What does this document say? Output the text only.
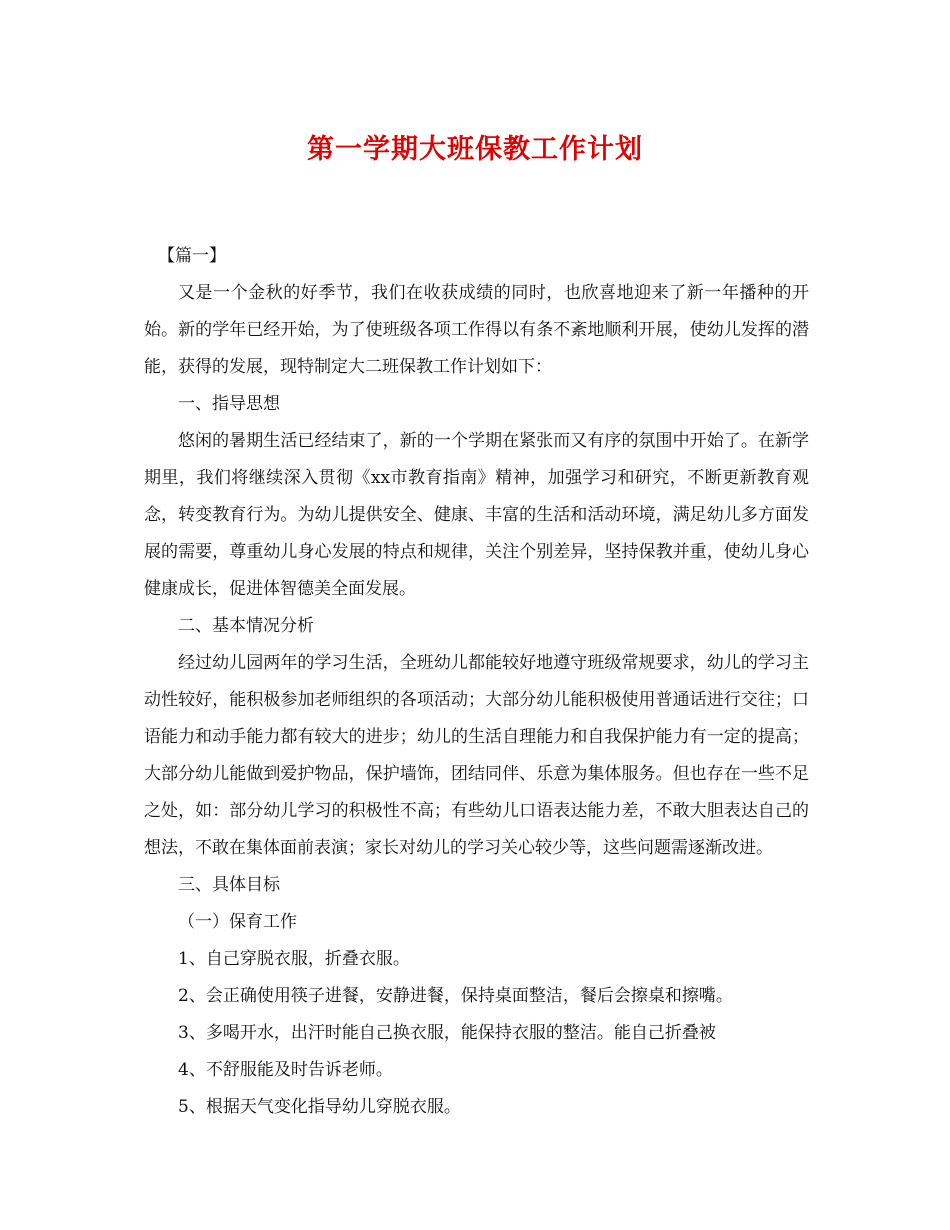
第一学期大班保教工作计划

【篇一】

又是一个金秋的好季节，我们在收获成绩的同时，也欣喜地迎来了新一年播种的开始。新的学年已经开始，为了使班级各项工作得以有条不紊地顺利开展，使幼儿发挥的潜能，获得的发展，现特制定大二班保教工作计划如下：

一、指导思想

悠闲的暑期生活已经结束了，新的一个学期在紧张而又有序的氛围中开始了。在新学期里，我们将继续深入贯彻《xx市教育指南》精神，加强学习和研究，不断更新教育观念，转变教育行为。为幼儿提供安全、健康、丰富的生活和活动环境，满足幼儿多方面发展的需要，尊重幼儿身心发展的特点和规律，关注个别差异，坚持保教并重，使幼儿身心健康成长，促进体智德美全面发展。

二、基本情况分析

经过幼儿园两年的学习生活，全班幼儿都能较好地遵守班级常规要求，幼儿的学习主动性较好，能积极参加老师组织的各项活动；大部分幼儿能积极使用普通话进行交往；口语能力和动手能力都有较大的进步；幼儿的生活自理能力和自我保护能力有一定的提高；大部分幼儿能做到爱护物品，保护墙饰，团结同伴、乐意为集体服务。但也存在一些不足之处，如：部分幼儿学习的积极性不高；有些幼儿口语表达能力差，不敢大胆表达自己的想法，不敢在集体面前表演；家长对幼儿的学习关心较少等，这些问题需逐渐改进。

三、具体目标

（一）保育工作

1、自己穿脱衣服，折叠衣服。

2、会正确使用筷子进餐，安静进餐，保持桌面整洁，餐后会擦桌和擦嘴。

3、多喝开水，出汗时能自己换衣服，能保持衣服的整洁。能自己折叠被

4、不舒服能及时告诉老师。

5、根据天气变化指导幼儿穿脱衣服。
